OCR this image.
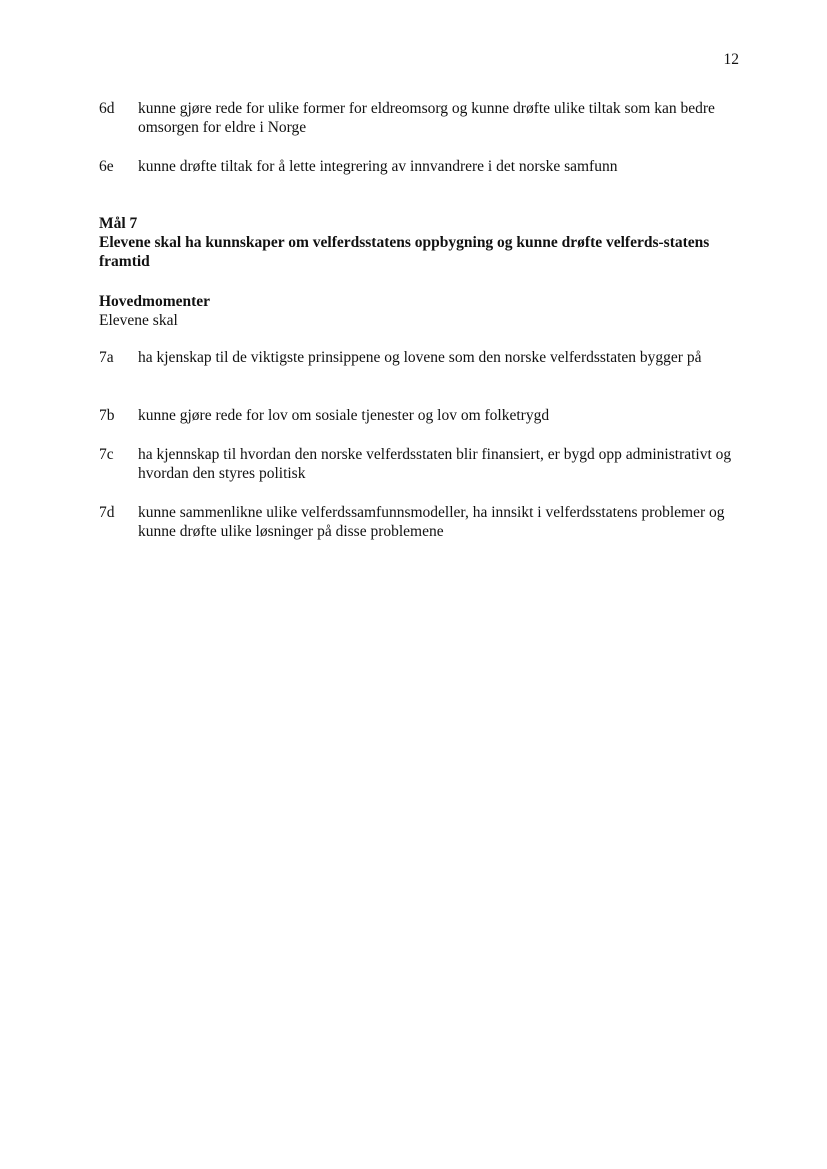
12
6d kunne gjøre rede for ulike former for eldreomsorg og kunne drøfte ulike tiltak som kan bedre omsorgen for eldre i Norge
6e kunne drøfte tiltak for å lette integrering av innvandrere i det norske samfunn
Mål 7
Elevene skal ha kunnskaper om velferdsstatens oppbygning og kunne drøfte velferds-statens framtid
Hovedmomenter
Elevene skal
7a ha kjenskap til de viktigste prinsippene og lovene som den norske velferdsstaten bygger på
7b kunne gjøre rede for lov om sosiale tjenester og lov om folketrygd
7c ha kjennskap til hvordan den norske velferdsstaten blir finansiert, er bygd opp administrativt og hvordan den styres politisk
7d kunne sammenlikne ulike velferdssamfunnsmodeller, ha innsikt i velferdsstatens problemer og kunne drøfte ulike løsninger på disse problemene
